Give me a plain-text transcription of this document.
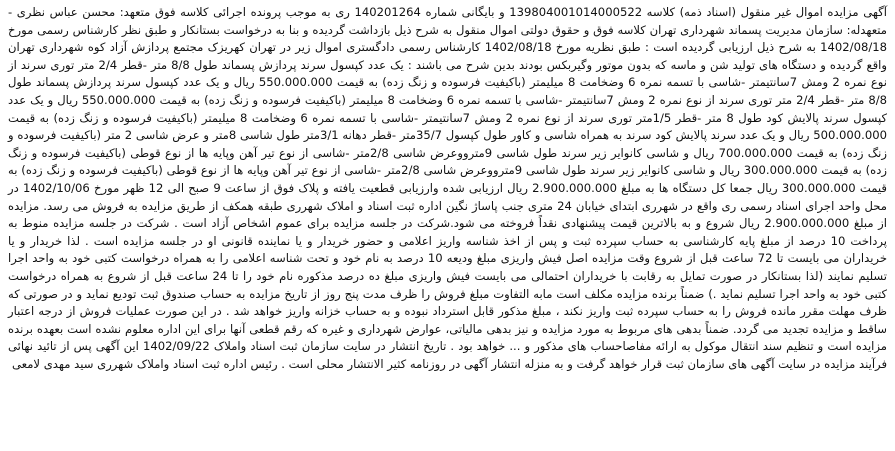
آگهی مزایده اموال غیر منقول (اسناد ذمه) کلاسه 139804001014000522 و بایگانی شماره 140201264 ری به موجب پرونده اجرائی کلاسه فوق متعهد: محسن عباس نظری - متعهدله: سازمان مدیریت پسماند شهرداری تهران کلاسه فوق و حقوق دولتی اموال منقول به شرح ذیل بازداشت گردیده و بنا به درخواست بستانکار و طبق نظر کارشناس رسمی مورخ 1402/08/18 به شرح ذیل ارزیابی گردیده است : طبق نظریه مورخ 1402/08/18 کارشناس رسمی دادگستری اموال زیر در تهران کهریزک مجتمع پردازش آزاد کوه شهرداری تهران واقع گردیده و دستگاه های تولید شن و ماسه که بدون موتور وگیربکس بودند بدین شرح می باشند : یک عدد کپسول سرند پردازش پسماند طول 8/8 متر -قطر 2/4 متر توری سرند از نوع نمره 2 ومش 7سانتیمتر -شاسی با تسمه نمره 6 وضخامت 8 میلیمتر (باکیفیت فرسوده و زنگ زده) به قیمت 550.000.000 ریال و یک عدد کپسول سرند پردازش پسماند طول 8/8 متر -قطر 2/4 متر توری سرند از نوع نمره 2 ومش 7سانتیمتر -شاسی با تسمه نمره 6 وضخامت 8 میلیمتر (باکیفیت فرسوده و زنگ زده) به قیمت 550.000.000 ریال و یک عدد کپسول سرند پالایش کود طول 8 متر -قطر 1/5متر توری سرند از نوع نمره 2 ومش 7سانتیمتر -شاسی با تسمه نمره 6 وضخامت 8 میلیمتر (باکیفیت فرسوده و زنگ زده) به قیمت 500.000.000 ریال و یک عدد سرند پالایش کود سرند به همراه شاسی و کاور طول کپسول 35/7متر -قطر دهانه 3/1متر طول شاسی 8متر و عرض شاسی 2 متر (باکیفیت فرسوده و زنگ زده) به قیمت 700.000.000 ریال و شاسی کانوایر زیر سرند طول شاسی 9مترووعرض شاسی 2/8متر -شاسی از نوع تیر آهن وپایه ها از نوع قوطی (باکیفیت فرسوده و زنگ زده) به قیمت 300.000.000 ریال و شاسی کانوایر زیر سرند طول شاسی 9مترووعرض شاسی 2/8متر -شاسی از نوع تیر آهن وپایه ها از نوع قوطی (باکیفیت فرسوده و زنگ زده) به قیمت 300.000.000 ریال جمعا کل دستگاه ها به مبلغ 2.900.000.000 ریال ارزیابی شده وارزیابی قطعیت یافته و پلاک فوق از ساعت 9 صبح الی 12 ظهر مورخ 1402/10/06 در محل واحد اجرای اسناد رسمی ری واقع در شهرری ابتدای خیابان 24 متری جنب پاساژ نگین اداره ثبت اسناد و املاک شهرری طبقه همکف از طریق مزایده به فروش می رسد. مزایده از مبلغ 2.900.000.000 ریال شروع و به بالاترین قیمت پیشنهادی نقداً فروخته می شود.شرکت در جلسه مزایده برای عموم اشخاص آزاد است . شرکت در جلسه مزایده منوط به پرداخت 10 درصد از مبلغ پایه کارشناسی به حساب سپرده ثبت و پس از اخذ شناسه واریز اعلامی و حضور خریدار و یا نماینده قانونی او در جلسه مزایده است . لذا خریدار و یا خریداران می بایست تا 72 ساعت قبل از شروع وقت مزایده اصل فیش واریزی مبلغ ودیعه 10 درصد به نام خود و تحت شناسه اعلامی را به همراه درخواست کتبی خود به واحد اجرا تسلیم نمایند (لذا بستانکار در صورت تمایل به رقابت با خریداران احتمالی می بایست فیش واریزی مبلغ ده درصد مذکوره نام خود را تا 24 ساعت قبل از شروع به همراه درخواست کتبی خود به واحد اجرا تسلیم نماید .) ضمناً برنده مزایده مکلف است مابه التفاوت مبلغ فروش را ظرف مدت پنج روز از تاریخ مزایده به حساب صندوق ثبت تودیع نماید و در صورتی که ظرف مهلت مقرر مانده فروش را به حساب سپرده ثبت واریز نکند ، مبلغ مذکور قابل استرداد نبوده و به حساب خزانه واریز خواهد شد . در این صورت عملیات فروش از درجه اعتبار ساقط و مزایده تجدید می گردد. ضمناً بدهی های مربوط به مورد مزایده و نیز بدهی مالیاتی، عوارض شهرداری و غیره که رقم قطعی آنها برای این اداره معلوم نشده است بعهده برنده مزایده است و تنظیم سند انتقال موکول به ارائه مفاصاحساب های مذکور و ... خواهد بود . تاریخ انتشار در سایت سازمان ثبت اسناد واملاک 1402/09/22 این آگهی پس از تائید نهائی فرآیند مزایده در سایت آگهی های سازمان ثبت قرار خواهد گرفت و به منزله انتشار آگهی در روزنامه کثیر الانتشار محلی است . رئیس اداره ثبت اسناد واملاک شهرری سید مهدی لامعی
